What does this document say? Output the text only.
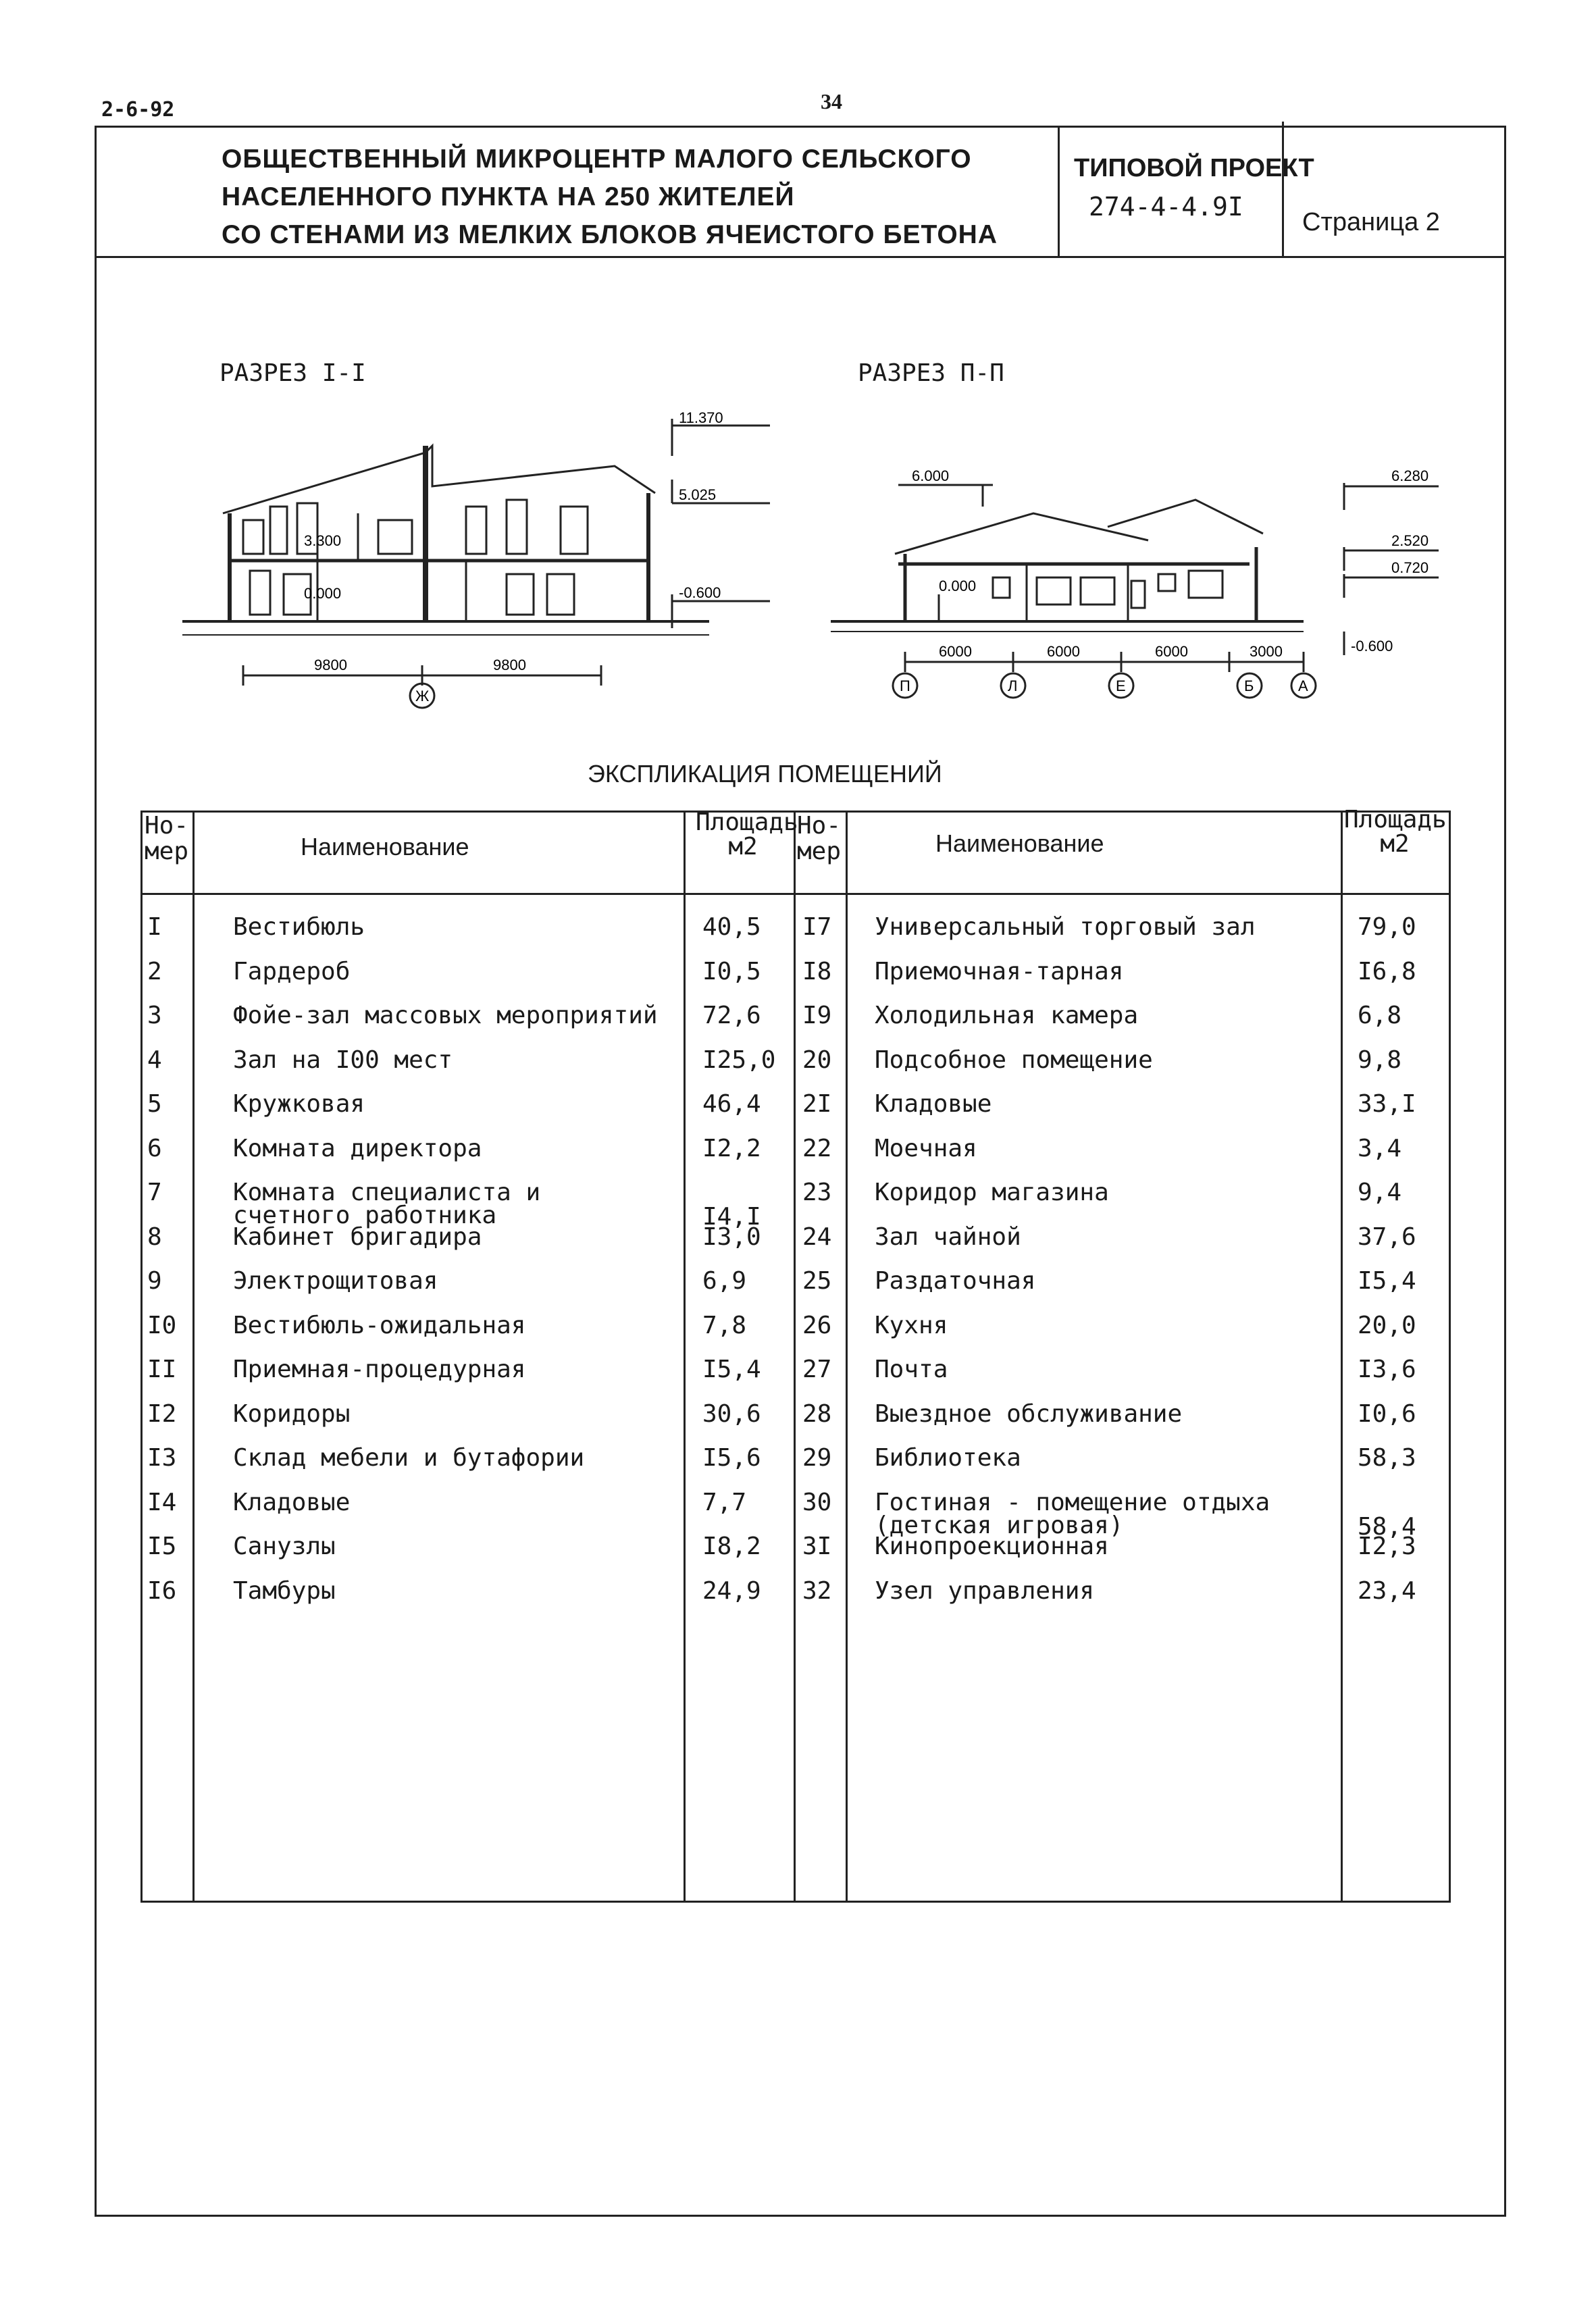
2-6-92	34
ОБЩЕСТВЕННЫЙ МИКРОЦЕНТР МАЛОГО СЕЛЬСКОГО
НАСЕЛЕННОГО ПУНКТА НА 250 ЖИТЕЛЕЙ
СО СТЕНАМИ ИЗ МЕЛКИХ БЛОКОВ ЯЧЕИСТОГО БЕТОНА
ТИПОВОЙ ПРОЕКТ
274-4-4.9I
Страница 2
РАЗРЕЗ I-I	РАЗРЕЗ П-П
11.370
5.025
3.300
0.000	-0.600
9800	9800
Ж
6.000	6.280
2.520
0.720
0.000
-0.600
6000	6000	6000	3000
П	Л	Е	Б	А
ЭКСПЛИКАЦИЯ ПОМЕЩЕНИЙ
Но-
мер	Наименование
Площадь
м2
Но-
мер	Наименование
Площадь
м2
I	Вестибюль	40,5
2	Гардероб	I0,5
3	Фойе-зал массовых мероприятий 72,6
4	Зал на I00 мест	I25,0
5	Кружковая	46,4
6	Комната директора	I2,2
7	Комната специалиста и
счетного работника	I4,I
8	Кабинет бригадира	I3,0
9	Электрощитовая	6,9
I0 Вестибюль-ожидальная	7,8
II Приемная-процедурная	I5,4
I2 Коридоры	30,6
I3 Склад мебели и бутафории	I5,6
I4 Кладовые	7,7
I5 Санузлы	I8,2
I6 Тамбуры	24,9
I7 Универсальный торговый зал	79,0
I8 Приемочная-тарная	I6,8
I9 Холодильная камера	6,8
20 Подсобное помещение	9,8
2I Кладовые	33,I
22 Моечная	3,4
23 Коридор магазина	9,4
24 Зал чайной	37,6
25 Раздаточная	I5,4
26 Кухня	20,0
27 Почта	I3,6
28 Выездное обслуживание	I0,6
29 Библиотека	58,3
30 Гостиная - помещение отдыха
(детская игровая)	58,4
3I Кинопроекционная	I2,3
32 Узел управления	23,4
